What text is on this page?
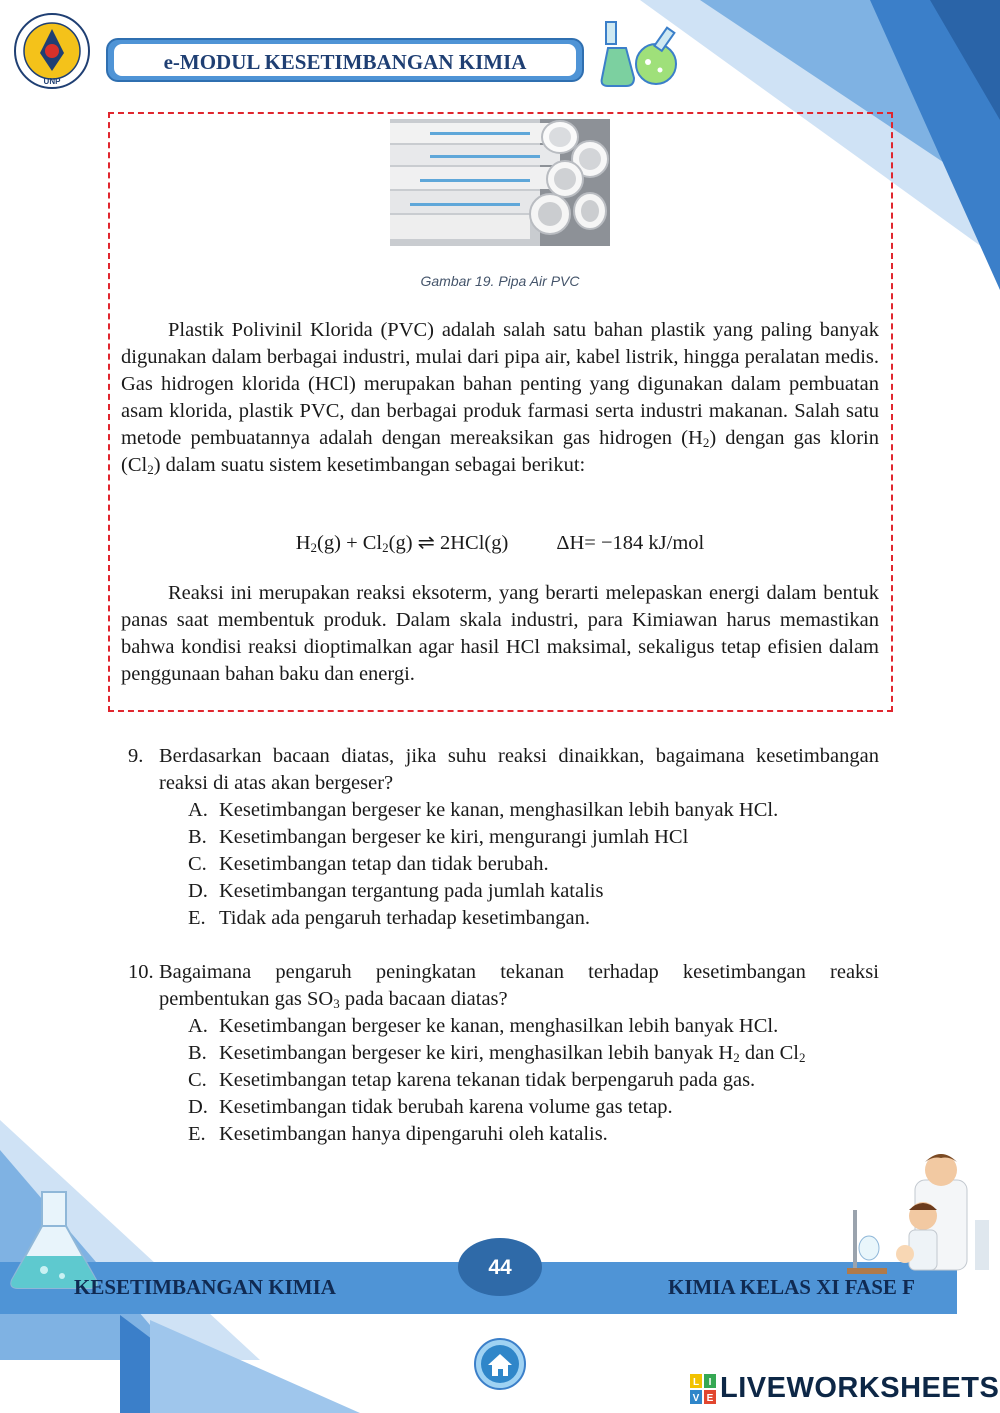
UNP
e-MODUL KESETIMBANGAN KIMIA
Gambar 19. Pipa Air PVC
Plastik Polivinil Klorida (PVC) adalah salah satu bahan plastik yang paling banyak digunakan dalam berbagai industri, mulai dari pipa air, kabel listrik, hingga peralatan medis. Gas hidrogen klorida (HCl) merupakan bahan penting yang digunakan dalam pembuatan asam klorida, plastik PVC, dan berbagai produk farmasi serta industri makanan. Salah satu metode pembuatannya adalah dengan mereaksikan gas hidrogen $(H_2)$ dengan gas klorin $(Cl_2)$ dalam suatu sistem kesetimbangan sebagai berikut:
$H_2(g) + Cl_2(g)$ ⇌ 2HCl(g) ΔH= −184 kJ/mol
Reaksi ini merupakan reaksi eksoterm, yang berarti melepaskan energi dalam bentuk panas saat membentuk produk. Dalam skala industri, para Kimiawan harus memastikan bahwa kondisi reaksi dioptimalkan agar hasil HCl maksimal, sekaligus tetap efisien dalam penggunaan bahan baku dan energi.
9. Berdasarkan bacaan diatas, jika suhu reaksi dinaikkan, bagaimana kesetimbangan reaksi di atas akan bergeser?
A. Kesetimbangan bergeser ke kanan, menghasilkan lebih banyak HCl.
B. Kesetimbangan bergeser ke kiri, mengurangi jumlah HCl
C. Kesetimbangan tetap dan tidak berubah.
D. Kesetimbangan tergantung pada jumlah katalis
E. Tidak ada pengaruh terhadap kesetimbangan.
10. Bagaimana pengaruh peningkatan tekanan terhadap kesetimbangan reaksi pembentukan gas $SO_3$ pada bacaan diatas?
A. Kesetimbangan bergeser ke kanan, menghasilkan lebih banyak HCl.
B. Kesetimbangan bergeser ke kiri, menghasilkan lebih banyak $H_2$ dan $Cl_2$
C. Kesetimbangan tetap karena tekanan tidak berpengaruh pada gas.
D. Kesetimbangan tidak berubah karena volume gas tetap.
E. Kesetimbangan hanya dipengaruhi oleh katalis.
KESETIMBANGAN KIMIA	KIMIA KELAS XI FASE F
44
L I
V E LIVEWORKSHEETS
